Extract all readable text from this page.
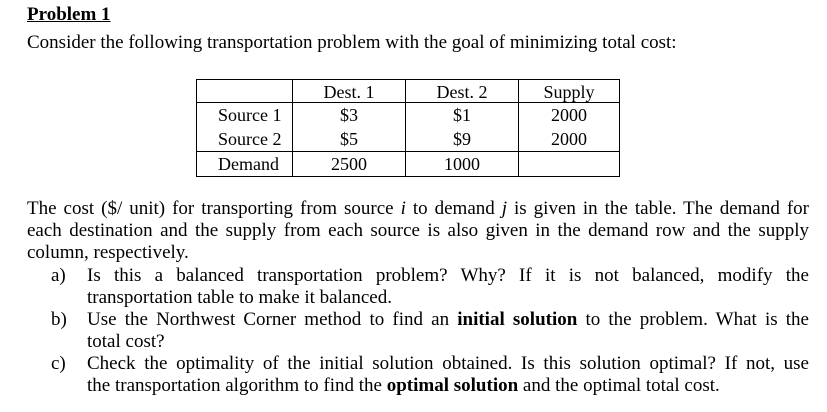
Problem 1

Consider the following transportation problem with the goal of minimizing total cost:

	Dest. 1	Dest. 2	Supply
Source 1	$3	$1	2000
Source 2	$5	$9	2000
Demand	2500	1000	
The cost ($/ unit) for transporting from source i to demand j is given in the table. The demand for
each destination and the supply from each source is also given in the demand row and the supply
column, respectively.
a) Is this a balanced transportation problem? Why? If it is not balanced, modify the
transportation table to make it balanced.
b) Use the Northwest Corner method to find an initial solution to the problem. What is the
total cost?
c) Check the optimality of the initial solution obtained. Is this solution optimal? If not, use
the transportation algorithm to find the optimal solution and the optimal total cost.
